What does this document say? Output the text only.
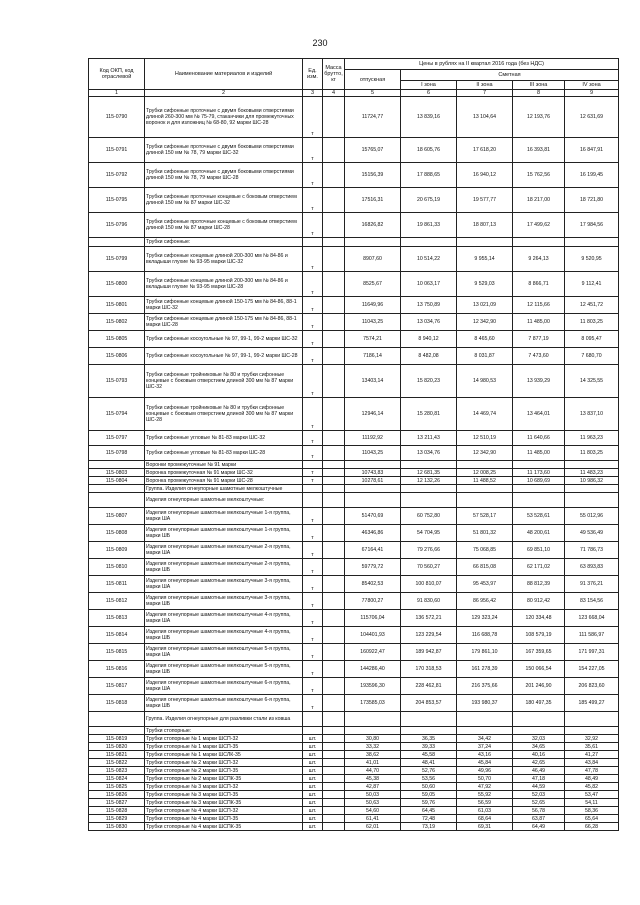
230
Код ОКП, код отраслевой	Наименование материалов и изделий	Ед. изм.	Масса брутто, кг	Цены в рублях на II квартал 2016 года (без НДС)				
				отпускная	Сметная			
					I зона	II зона	III зона	IV зона
1	2	3	4	5	6	7	8	9
115-0790	Трубки сифонные проточные с двумя боковыми отверстиями длиной 260-300 мм № 75-79, стаканчики для промежуточных воронок и для изложниц № 68-80, 92 марки ШС-28	т		11724,77	13 839,16	13 104,64	12 193,76	12 631,69
115-0791	Трубки сифонные проточные с двумя боковыми отверстиями длиной 150 мм № 78, 79 марки ШС-32	т		15765,07	18 605,76	17 618,20	16 393,81	16 847,91
115-0792	Трубки сифонные проточные с двумя боковыми отверстиями длиной 150 мм № 78, 79 марки ШС-28	т		15156,39	17 888,65	16 940,12	15 762,56	16 199,45
115-0795	Трубки сифонные проточные концевые с боковым отверстием длиной 150 мм № 87 марки ШС-32	т		17516,31	20 675,19	19 577,77	18 217,00	18 721,80
115-0796	Трубки сифонные проточные концевые с боковым отверстием длиной 150 мм № 87 марки ШС-28	т		16826,82	19 861,33	18 807,13	17 499,62	17 984,56
	Трубки сифонные:							
115-0799	Трубки сифонные концевые длиной 200-300 мм № 84-86 и вкладыши глухие № 93-95 марки ШС-32	т		8907,60	10 514,22	9 955,14	9 264,13	9 520,95
115-0800	Трубки сифонные концевые длиной 200-300 мм № 84-86 и вкладыши глухие № 93-95 марки ШС-28	т		8525,67	10 063,17	9 529,03	8 866,71	9 112,41
115-0801	Трубки сифонные концевые длиной 150-175 мм № 84-86, 88-1 марки ШС-32	т		11649,96	13 750,89	13 021,09	12 115,66	12 451,72
115-0802	Трубки сифонные концевые длиной 150-175 мм № 84-86, 88-1 марки ШС-28	т		11043,25	13 034,76	12 342,90	11 485,00	11 803,25
115-0805	Трубки сифонные косоугольные № 97, 99-1, 99-2 марки ШС-32	т		7574,21	8 940,12	8 465,60	7 877,19	8 095,47
115-0806	Трубки сифонные косоугольные № 97, 99-1, 99-2 марки ШС-28	т		7186,14	8 482,08	8 031,87	7 473,60	7 680,70
115-0793	Трубки сифонные тройниковые № 80 и трубки сифонные концевые с боковым отверстием длиной 300 мм № 87 марки ШС-32	т		13403,14	15 820,23	14 980,53	13 939,29	14 325,55
115-0794	Трубки сифонные тройниковые № 80 и трубки сифонные концевые с боковым отверстием длиной 300 мм № 87 марки ШС-28	т		12946,14	15 280,81	14 469,74	13 464,01	13 837,10
115-0797	Трубки сифонные угловые № 81-83 марки ШС-32	т		11192,92	13 211,43	12 510,19	11 640,66	11 963,23
115-0798	Трубки сифонные угловые № 81-83 марки ШС-28	т		11043,25	13 034,76	12 342,90	11 485,00	11 803,25
	Воронки промежуточные № 91 марки							
115-0803	Воронка промежуточная № 91 марки ШС-32	т		10743,83	12 681,35	12 008,25	11 173,60	11 483,23
115-0804	Воронка промежуточная № 91 марки ШС-28	т		10278,61	12 132,26	11 488,52	10 689,69	10 986,32
	Группа. Изделия огнеупорные шамотные мелкоштучные							
	Изделия огнеупорные шамотные мелкоштучные:							
115-0807	Изделия огнеупорные шамотные мелкоштучные 1-я группа, марки ША	т		51470,69	60 752,80	57 528,17	53 528,61	55 012,96
115-0808	Изделия огнеупорные шамотные мелкоштучные 1-я группа, марки ШБ	т		46346,86	54 704,95	51 801,32	48 200,61	49 536,49
115-0809	Изделия огнеупорные шамотные мелкоштучные 2-я группа, марки ША	т		67164,41	79 276,66	75 068,85	69 851,10	71 786,73
115-0810	Изделия огнеупорные шамотные мелкоштучные 2-я группа, марки ШБ	т		59779,72	70 560,27	66 815,08	62 171,02	63 893,83
115-0811	Изделия огнеупорные шамотные мелкоштучные 3-я группа, марки ША	т		85402,53	100 810,07	95 453,97	88 812,39	91 376,21
115-0812	Изделия огнеупорные шамотные мелкоштучные 3-я группа, марки ШБ	т		77800,27	91 830,60	86 956,42	80 912,42	83 154,56
115-0813	Изделия огнеупорные шамотные мелкоштучные 4-я группа, марки ША	т		115706,04	136 572,21	129 323,24	120 334,48	123 668,04
115-0814	Изделия огнеупорные шамотные мелкоштучные 4-я группа, марки ШБ	т		104401,93	123 229,54	116 688,78	108 579,19	111 586,97
115-0815	Изделия огнеупорные шамотные мелкоштучные 5-я группа, марки ША	т		160922,47	189 942,87	179 861,10	167 359,65	171 997,31
115-0816	Изделия огнеупорные шамотные мелкоштучные 5-я группа, марки ШБ	т		144286,40	170 318,53	161 278,39	150 066,54	154 227,05
115-0817	Изделия огнеупорные шамотные мелкоштучные 6-я группа, марки ША	т		193596,30	228 462,81	216 375,66	201 246,90	206 823,60
115-0818	Изделия огнеупорные шамотные мелкоштучные 6-я группа, марки ШБ	т		173585,03	204 853,57	193 980,37	180 497,35	185 499,27
	Группа. Изделия огнеупорные для разливки стали из ковша							
	Трубки стопорные:							
115-0819	Трубки стопорные № 1 марки ШСП-32	шт.		30,80	36,35	34,42	32,03	32,92
115-0820	Трубки стопорные № 1 марки ШСП-35	шт.		33,32	39,33	37,24	34,65	35,61
115-0821	Трубки стопорные № 1 марки ШСЛК-35	шт.		38,62	45,58	43,16	40,16	41,27
115-0822	Трубки стопорные № 2 марки ШСП-32	шт.		41,01	48,41	45,84	42,65	43,84
115-0823	Трубки стопорные № 2 марки ШСП-35	шт.		44,70	52,76	49,96	46,49	47,78
115-0824	Трубки стопорные № 2 марки ШСПК-35	шт.		45,38	53,56	50,70	47,18	48,49
115-0825	Трубки стопорные № 3 марки ШСП-32	шт.		42,87	50,60	47,92	44,59	45,82
115-0826	Трубки стопорные № 3 марки ШСП-35	шт.		50,03	59,05	55,92	52,03	53,47
115-0827	Трубки стопорные № 3 марки ШСПК-35	шт.		50,63	59,76	56,59	52,65	54,11
115-0828	Трубки стопорные № 4 марки ШСП-32	шт.		54,60	64,45	61,03	56,78	58,36
115-0829	Трубки стопорные № 4 марки ШСП-35	шт.		61,41	72,48	68,64	63,87	65,64
115-0830	Трубки стопорные № 4 марки ШСПК-35	шт.		62,01	73,19	69,31	64,49	66,28
